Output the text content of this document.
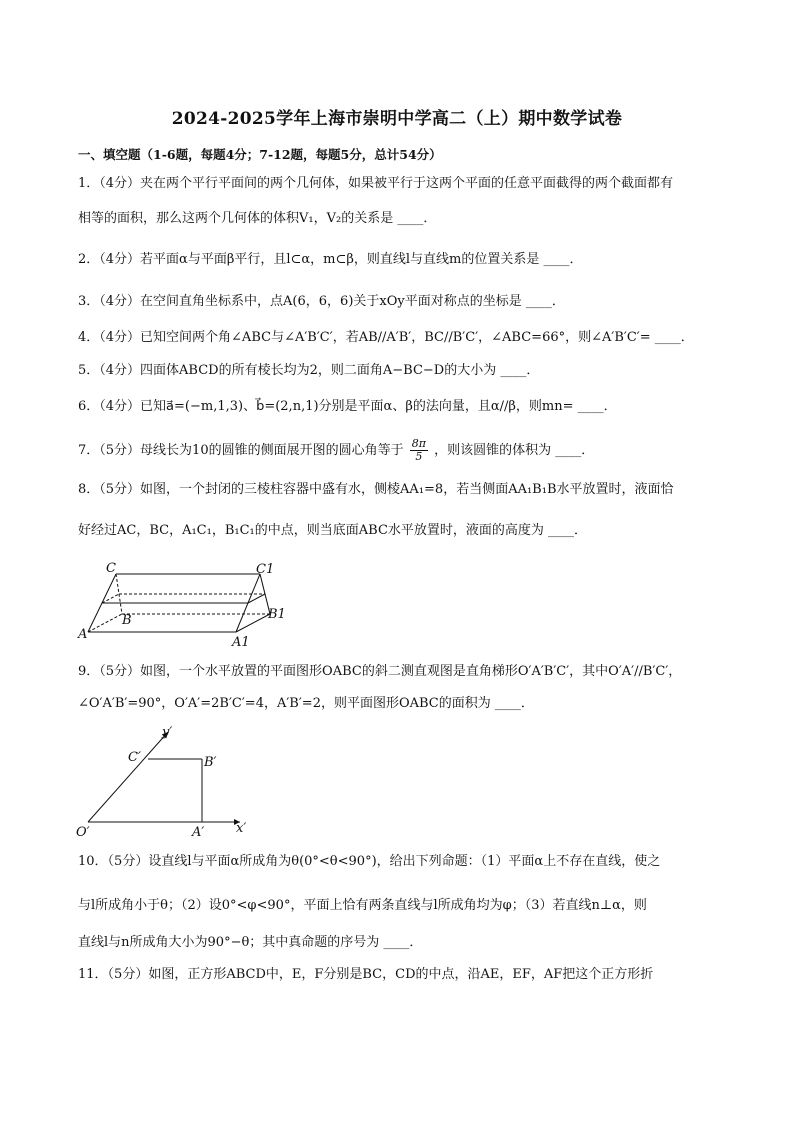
2024-2025学年上海市崇明中学高二（上）期中数学试卷
一、填空题（1-6题，每题4分；7-12题，每题5分，总计54分）
1．（4分）夹在两个平行平面间的两个几何体，如果被平行于这两个平面的任意平面截得的两个截面都有
相等的面积，那么这两个几何体的体积V₁，V₂的关系是 ____．
2．（4分）若平面α与平面β平行，且l⊂α，m⊂β，则直线l与直线m的位置关系是 ____．
3．（4分）在空间直角坐标系中，点A(6，6，6)关于xOy平面对称点的坐标是 ____．
4．（4分）已知空间两个角∠ABC与∠A′B′C′，若AB//A′B′，BC//B′C′，∠ABC=66°，则∠A′B′C′= ____．
5．（4分）四面体ABCD的所有棱长均为2，则二面角A−BC−D的大小为 ____．
6．（4分）已知a⃗=(−m,1,3)、b⃗=(2,n,1)分别是平面α、β的法向量，且α//β，则mn= ____．
7．（5分）母线长为10的圆锥的侧面展开图的圆心角等于 $\frac{8\pi}{5}$ ，则该圆锥的体积为 ____．
8．（5分）如图，一个封闭的三棱柱容器中盛有水，侧棱AA₁=8，若当侧面AA₁B₁B水平放置时，液面恰
好经过AC，BC，A₁C₁，B₁C₁的中点，则当底面ABC水平放置时，液面的高度为 ____．
C	C1
B	B1
A
A1
9．（5分）如图，一个水平放置的平面图形OABC的斜二测直观图是直角梯形O′A′B′C′，其中O′A′//B′C′，
∠O′A′B′=90°，O′A′=2B′C′=4，A′B′=2，则平面图形OABC的面积为 ____．
y′
C′	B′
O′	A′ x′
10．（5分）设直线l与平面α所成角为θ(0°<θ<90°)，给出下列命题：（1）平面α上不存在直线，使之
与l所成角小于θ；（2）设0°<φ<90°，平面上恰有两条直线与l所成角均为φ；（3）若直线n⊥α，则
直线l与n所成角大小为90°−θ；其中真命题的序号为 ____．
11．（5分）如图，正方形ABCD中，E，F分别是BC，CD的中点，沿AE，EF，AF把这个正方形折
